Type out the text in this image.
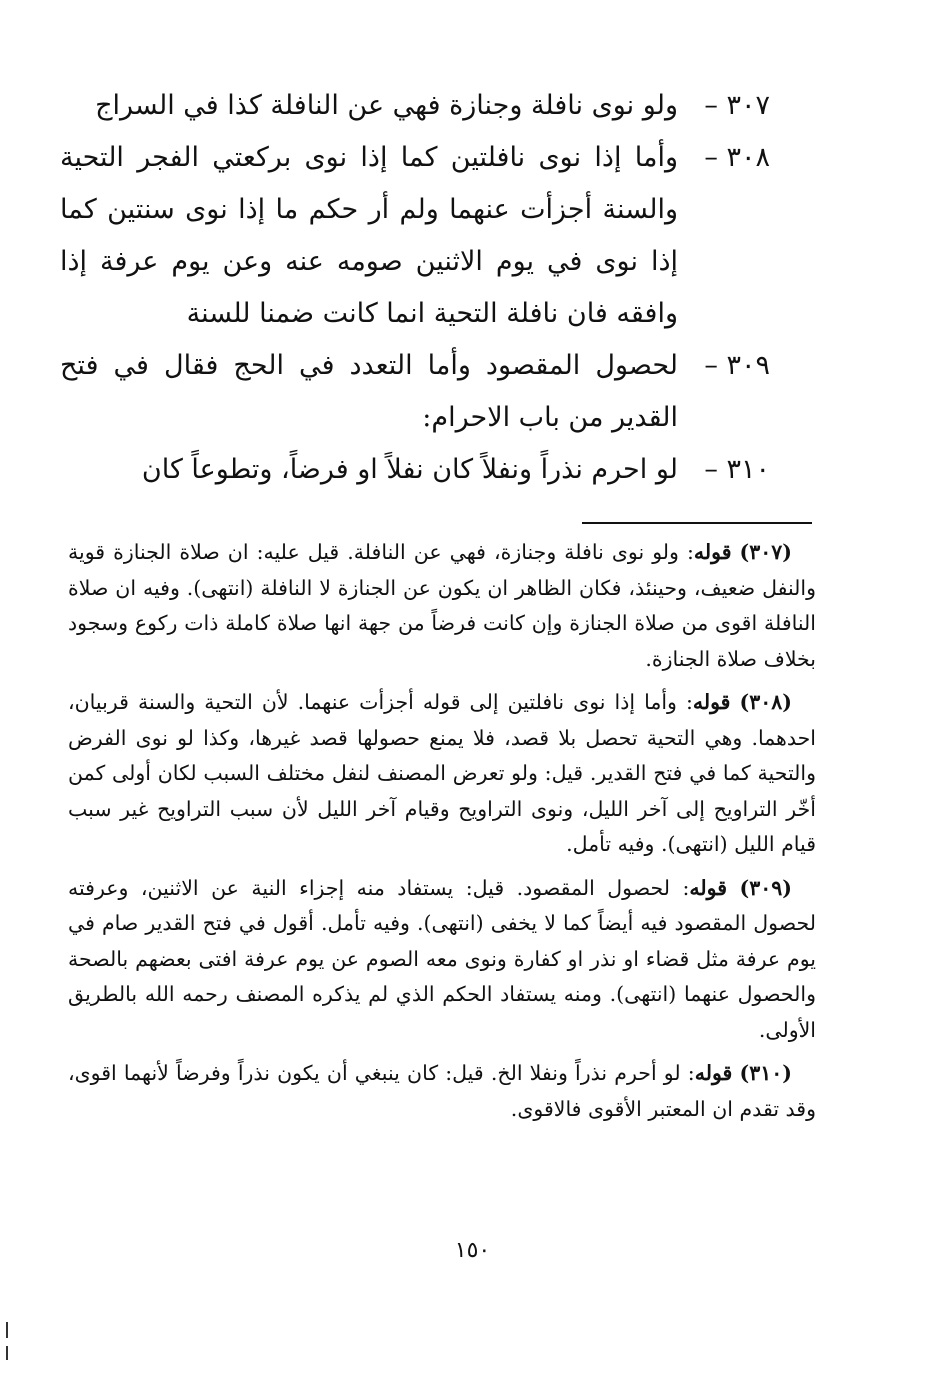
٣٠٧ –
ولو نوى نافلة وجنازة فهي عن النافلة كذا في السراج
٣٠٨ –
وأما إذا نوى نافلتين كما إذا نوى بركعتي الفجر التحية والسنة أجزأت عنهما ولم أر حكم ما إذا نوى سنتين كما إذا نوى في يوم الاثنين صومه عنه وعن يوم عرفة إذا وافقه فان نافلة التحية انما كانت ضمنا للسنة
٣٠٩ –
لحصول المقصود وأما التعدد في الحج فقال في فتح القدير من باب الاحرام:
٣١٠ –
لو احرم نذراً ونفلاً كان نفلاً او فرضاً، وتطوعاً كان
(٣٠٧) قوله: ولو نوى نافلة وجنازة، فهي عن النافلة. قيل عليه: ان صلاة الجنازة قوية والنفل ضعيف، وحينئذ، فكان الظاهر ان يكون عن الجنازة لا النافلة (انتهى). وفيه ان صلاة النافلة اقوى من صلاة الجنازة وإن كانت فرضاً من جهة انها صلاة كاملة ذات ركوع وسجود بخلاف صلاة الجنازة.
(٣٠٨) قوله: وأما إذا نوى نافلتين إلى قوله أجزأت عنهما. لأن التحية والسنة قربيان، احدهما. وهي التحية تحصل بلا قصد، فلا يمنع حصولها قصد غيرها، وكذا لو نوى الفرض والتحية كما في فتح القدير. قيل: ولو تعرض المصنف لنفل مختلف السبب لكان أولى كمن أخّر التراويح إلى آخر الليل، ونوى التراويح وقيام آخر الليل لأن سبب التراويح غير سبب قيام الليل (انتهى). وفيه تأمل.
(٣٠٩) قوله: لحصول المقصود. قيل: يستفاد منه إجزاء النية عن الاثنين، وعرفته لحصول المقصود فيه أيضاً كما لا يخفى (انتهى). وفيه تأمل. أقول في فتح القدير صام في يوم عرفة مثل قضاء او نذر او كفارة ونوى معه الصوم عن يوم عرفة افتى بعضهم بالصحة والحصول عنهما (انتهى). ومنه يستفاد الحكم الذي لم يذكره المصنف رحمه الله بالطريق الأولى.
(٣١٠) قوله: لو أحرم نذراً ونفلا الخ. قيل: كان ينبغي أن يكون نذراً وفرضاً لأنهما اقوى، وقد تقدم ان المعتبر الأقوى فالاقوى.
١٥٠
